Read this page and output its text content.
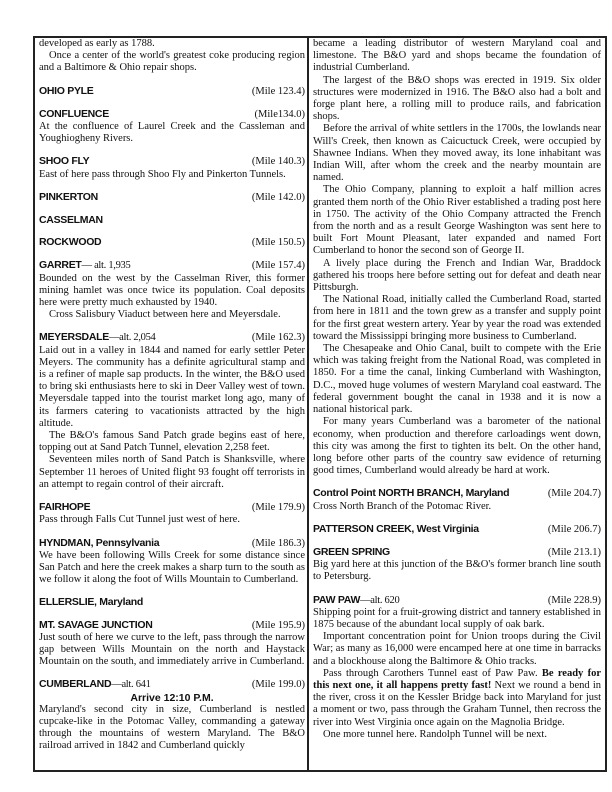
developed as early as 1788.

Once a center of the world's greatest coke producing region and a Baltimore & Ohio repair shops.

OHIO PYLE	(Mile 123.4)
CONFLUENCE	(Mile134.0)

At the confluence of Laurel Creek and the Cassleman and Youghiogheny Rivers.

SHOO FLY	(Mile 140.3)

East of here pass through Shoo Fly and Pinkerton Tunnels.

PINKERTON	(Mile 142.0)
CASSELMAN
ROCKWOOD	(Mile 150.5)
GARRET— alt. 1,935	(Mile 157.4)

Bounded on the west by the Casselman River, this former mining hamlet was once twice its population. Coal deposits here were pretty much exhausted by 1940.

Cross Salisbury Viaduct between here and Meyersdale.

MEYERSDALE—alt. 2,054	(Mile 162.3)

Laid out in a valley in 1844 and named for early settler Peter Meyers. The community has a definite agricultural stamp and is a refiner of maple sap products. In the winter, the B&O used to bring ski enthusiasts here to ski in Deer Valley west of town. Meyersdale tapped into the tourist market long ago, many of its farmers catering to vacationists attracted by the high altitude.

The B&O's famous Sand Patch grade begins east of here, topping out at Sand Patch Tunnel, elevation 2,258 feet.

Seventeen miles north of Sand Patch is Shanksville, where September 11 heroes of United flight 93 fought off terrorists in an attempt to regain control of their aircraft.

FAIRHOPE	(Mile 179.9)

Pass through Falls Cut Tunnel just west of here.

HYNDMAN, Pennsylvania	(Mile 186.3)

We have been following Wills Creek for some distance since San Patch and here the creek makes a sharp turn to the south as we follow it along the foot of Wills Mountain to Cumberland.

ELLERSLIE, Maryland
MT. SAVAGE JUNCTION	(Mile 195.9)

Just south of here we curve to the left, pass through the narrow gap between Wills Mountain on the north and Haystack Mountain on the south, and immediately arrive in Cumberland.

CUMBERLAND—alt. 641	(Mile 199.0)
Arrive 12:10 P.M.

Maryland's second city in size, Cumberland is nestled cupcake-like in the Potomac Valley, commanding a gateway through the mountains of western Maryland. The B&O railroad arrived in 1842 and Cumberland quickly

became a leading distributor of western Maryland coal and limestone. The B&O yard and shops became the foundation of industrial Cumberland.

The largest of the B&O shops was erected in 1919. Six older structures were modernized in 1916. The B&O also had a bolt and forge plant here, a rolling mill to produce rails, and fabrication shops.

Before the arrival of white settlers in the 1700s, the lowlands near Will's Creek, then known as Caicuctuck Creek, were occupied by Shawnee Indians. When they moved away, its lone inhabitant was Indian Will, after whom the creek and the nearby mountain are named.

The Ohio Company, planning to exploit a half million acres granted them north of the Ohio River established a trading post here in 1750. The activity of the Ohio Company attracted the French from the north and as a result George Washington was sent here to built Fort Mount Pleasant, later expanded and named Fort Cumberland to honor the second son of George II.

A lively place during the French and Indian War, Braddock gathered his troops here before setting out for defeat and death near Pittsburgh.

The National Road, initially called the Cumberland Road, started from here in 1811 and the town grew as a transfer and supply point for the first great western artery. Year by year the road was extended toward the Mississippi bringing more business to Cumberland.

The Chesapeake and Ohio Canal, built to compete with the Erie which was taking freight from the National Road, was completed in 1850. For a time the canal, linking Cumberland with Washington, D.C., moved huge volumes of western Maryland coal eastward. The federal government bought the canal in 1938 and it is now a national historical park.

For many years Cumberland was a barometer of the national economy, when production and therefore carloadings went down, this city was among the first to tighten its belt. On the other hand, long before other parts of the country saw evidence of returning good times, Cumberland would already be hard at work.

Control Point NORTH BRANCH, Maryland	(Mile 204.7)

Cross North Branch of the Potomac River.

PATTERSON CREEK, West Virginia	(Mile 206.7)
GREEN SPRING	(Mile 213.1)

Big yard here at this junction of the B&O's former branch line south to Petersburg.

PAW PAW—alt. 620	(Mile 228.9)

Shipping point for a fruit-growing district and tannery established in 1875 because of the abundant local supply of oak bark.

Important concentration point for Union troops during the Civil War; as many as 16,000 were encamped here at one time in barracks and a blockhouse along the Baltimore & Ohio tracks.

Pass through Carothers Tunnel east of Paw Paw. Be ready for this next one, it all happens pretty fast! Next we round a bend in the river, cross it on the Kessler Bridge back into Maryland for just a moment or two, pass through the Graham Tunnel, then recross the river into West Virginia once again on the Magnolia Bridge.

One more tunnel here. Randolph Tunnel will be next.
